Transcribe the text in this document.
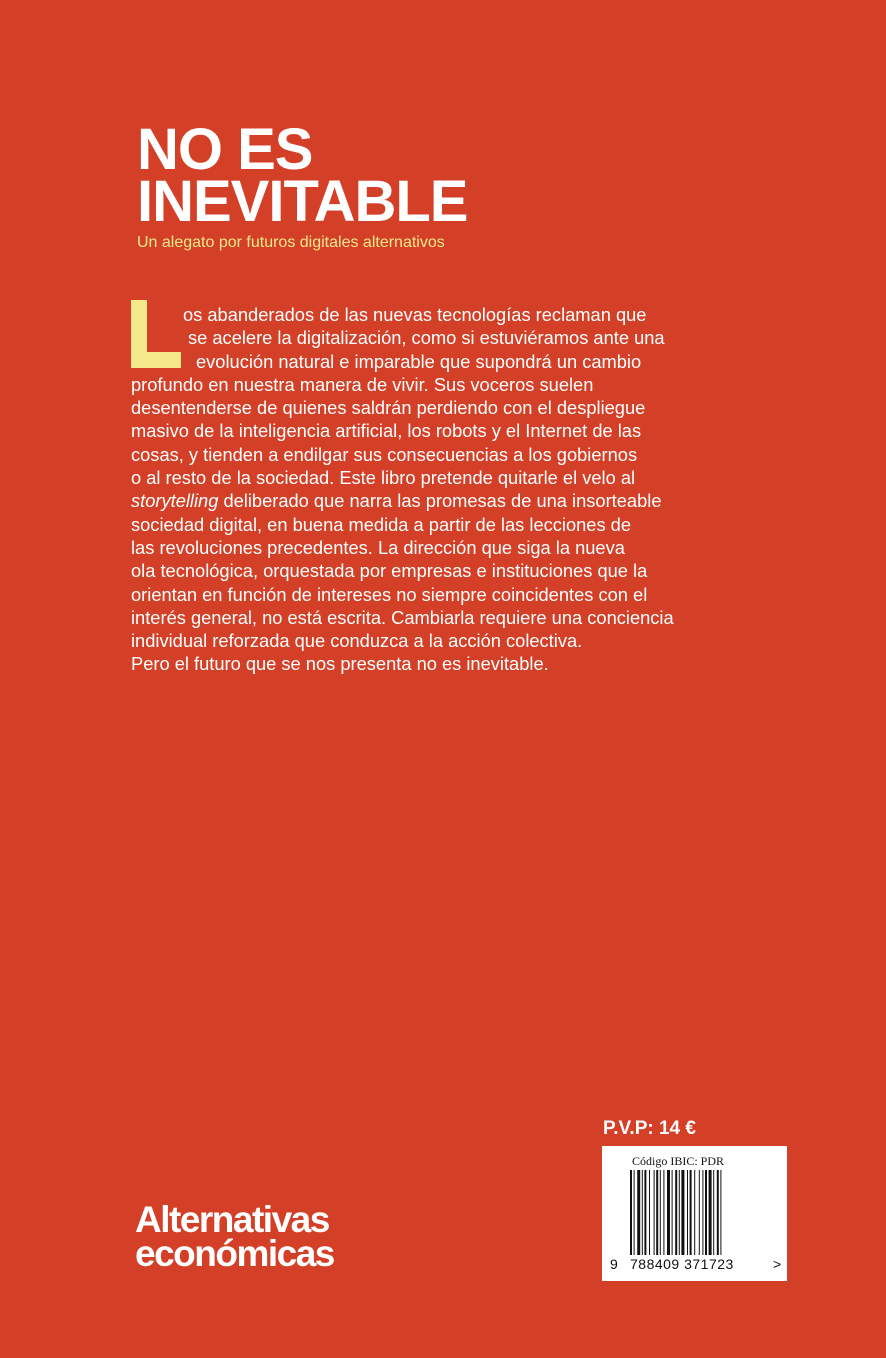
NO ES
INEVITABLE
Un alegato por futuros digitales alternativos
os abanderados de las nuevas tecnologías reclaman que
se acelere la digitalización, como si estuviéramos ante una
evolución natural e imparable que supondrá un cambio
profundo en nuestra manera de vivir. Sus voceros suelen
desentenderse de quienes saldrán perdiendo con el despliegue
masivo de la inteligencia artificial, los robots y el Internet de las
cosas, y tienden a endilgar sus consecuencias a los gobiernos
o al resto de la sociedad. Este libro pretende quitarle el velo al
storytelling deliberado que narra las promesas de una insorteable
sociedad digital, en buena medida a partir de las lecciones de
las revoluciones precedentes. La dirección que siga la nueva
ola tecnológica, orquestada por empresas e instituciones que la
orientan en función de intereses no siempre coincidentes con el
interés general, no está escrita. Cambiarla requiere una conciencia
individual reforzada que conduzca a la acción colectiva.
Pero el futuro que se nos presenta no es inevitable.
P.V.P: 14 €
Código IBIC: PDR
9 788409 371723	>
Alternativas
económicas
